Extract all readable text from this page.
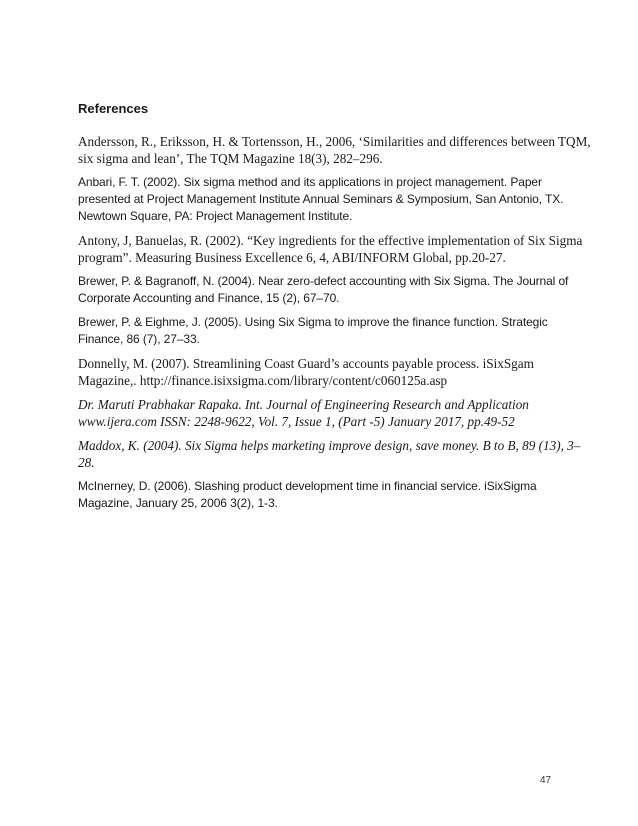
References
Andersson, R., Eriksson, H. & Tortensson, H., 2006, ‘Similarities and differences between TQM,
six sigma and lean’, The TQM Magazine 18(3), 282–296.
Anbari, F. T. (2002). Six sigma method and its applications in project management. Paper
presented at Project Management Institute Annual Seminars & Symposium, San Antonio, TX.
Newtown Square, PA: Project Management Institute.
Antony, J, Banuelas, R. (2002). “Key ingredients for the effective implementation of Six Sigma
program”. Measuring Business Excellence 6, 4, ABI/INFORM Global, pp.20-27.
Brewer, P. & Bagranoff, N. (2004). Near zero-defect accounting with Six Sigma. The Journal of
Corporate Accounting and Finance, 15 (2), 67–70.
Brewer, P. & Eighme, J. (2005). Using Six Sigma to improve the finance function. Strategic
Finance, 86 (7), 27–33.
Donnelly, M. (2007). Streamlining Coast Guard’s accounts payable process. iSixSgam
Magazine,. http://finance.isixsigma.com/library/content/c060125a.asp
Dr. Maruti Prabhakar Rapaka. Int. Journal of Engineering Research and Application
www.ijera.com ISSN: 2248-9622, Vol. 7, Issue 1, (Part -5) January 2017, pp.49-52
Maddox, K. (2004). Six Sigma helps marketing improve design, save money. B to B, 89 (13), 3–
28.
McInerney, D. (2006). Slashing product development time in financial service. iSixSigma
Magazine, January 25, 2006 3(2), 1-3.
47
